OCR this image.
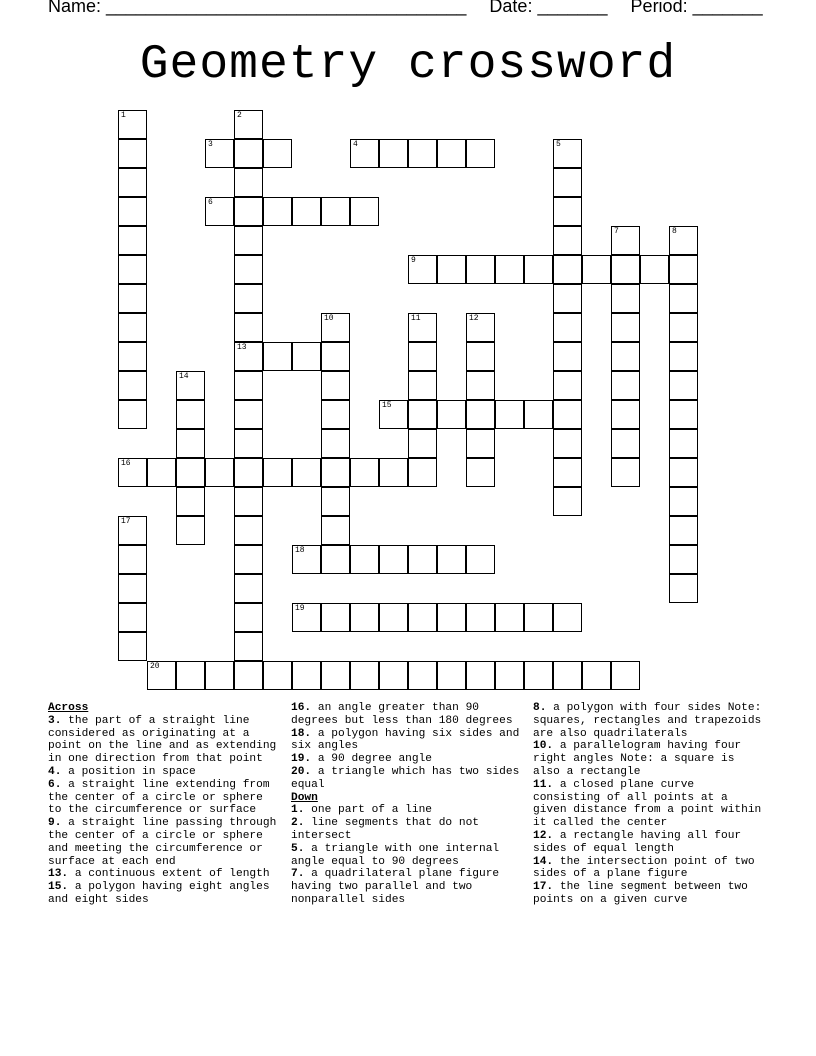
Name: ____________________________________ Date: _______ Period: _______
Geometry crossword
1	2
13
3	4	5
6
7	8
9
10	11	12
14
15
16
17
18
19
20
Across
3. the part of a straight line considered as originating at a point on the line and as extending in one direction from that point
4. a position in space
6. a straight line extending from the center of a circle or sphere to the circumference or surface
9. a straight line passing through the center of a circle or sphere and meeting the circumference or surface at each end
13. a continuous extent of length
15. a polygon having eight angles and eight sides
16. an angle greater than 90 degrees but less than 180 degrees
18. a polygon having six sides and six angles
19. a 90 degree angle
20. a triangle which has two sides equal
Down
1. one part of a line
2. line segments that do not intersect
5. a triangle with one internal angle equal to 90 degrees
7. a quadrilateral plane figure having two parallel and two nonparallel sides
8. a polygon with four sides Note: squares, rectangles and trapezoids are also quadrilaterals
10. a parallelogram having four right angles Note: a square is also a rectangle
11. a closed plane curve consisting of all points at a given distance from a point within it called the center
12. a rectangle having all four sides of equal length
14. the intersection point of two sides of a plane figure
17. the line segment between two points on a given curve
